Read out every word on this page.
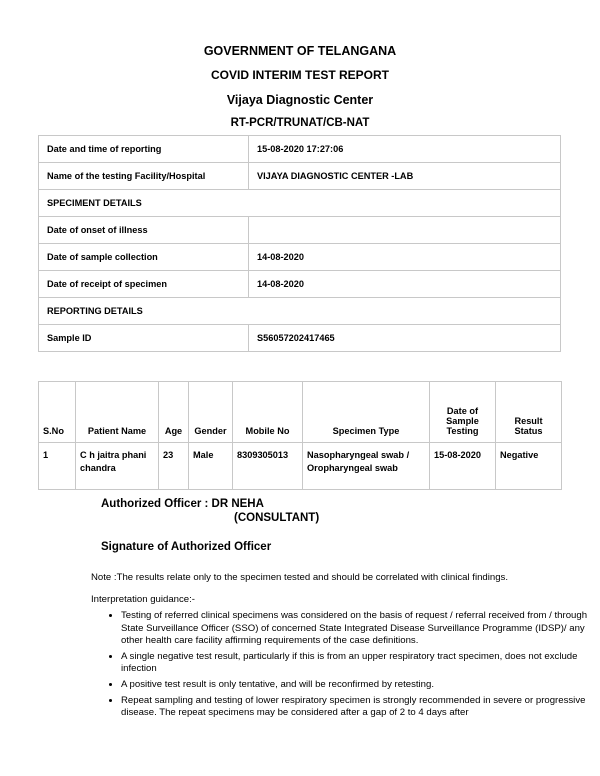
GOVERNMENT OF TELANGANA
COVID INTERIM TEST REPORT
Vijaya Diagnostic Center
RT-PCR/TRUNAT/CB-NAT
Date and time of reporting	15-08-2020 17:27:06
Name of the testing Facility/Hospital	VIJAYA DIAGNOSTIC CENTER -LAB
SPECIMENT DETAILS	
Date of onset of illness	
Date of sample collection	14-08-2020
Date of receipt of specimen	14-08-2020
REPORTING DETAILS	
Sample ID	S56057202417465
S.No	Patient Name	Age	Gender	Mobile No	Specimen Type	Date of Sample Testing	Result Status
1	C h jaitra phani chandra	23	Male	8309305013	Nasopharyngeal swab / Oropharyngeal swab	15-08-2020	Negative
Authorized Officer : DR NEHA
(CONSULTANT)
Signature of Authorized Officer
Note :The results relate only to the specimen tested and should be correlated with clinical findings.
Interpretation guidance:-
• Testing of referred clinical specimens was considered on the basis of request / referral received from / through State Surveillance Officer (SSO) of concerned State Integrated Disease Surveillance Programme (IDSP)/ any other health care facility affirming requirements of the case definitions.
• A single negative test result, particularly if this is from an upper respiratory tract specimen, does not exclude infection
• A positive test result is only tentative, and will be reconfirmed by retesting.
• Repeat sampling and testing of lower respiratory specimen is strongly recommended in severe or progressive disease. The repeat specimens may be considered after a gap of 2 to 4 days after
